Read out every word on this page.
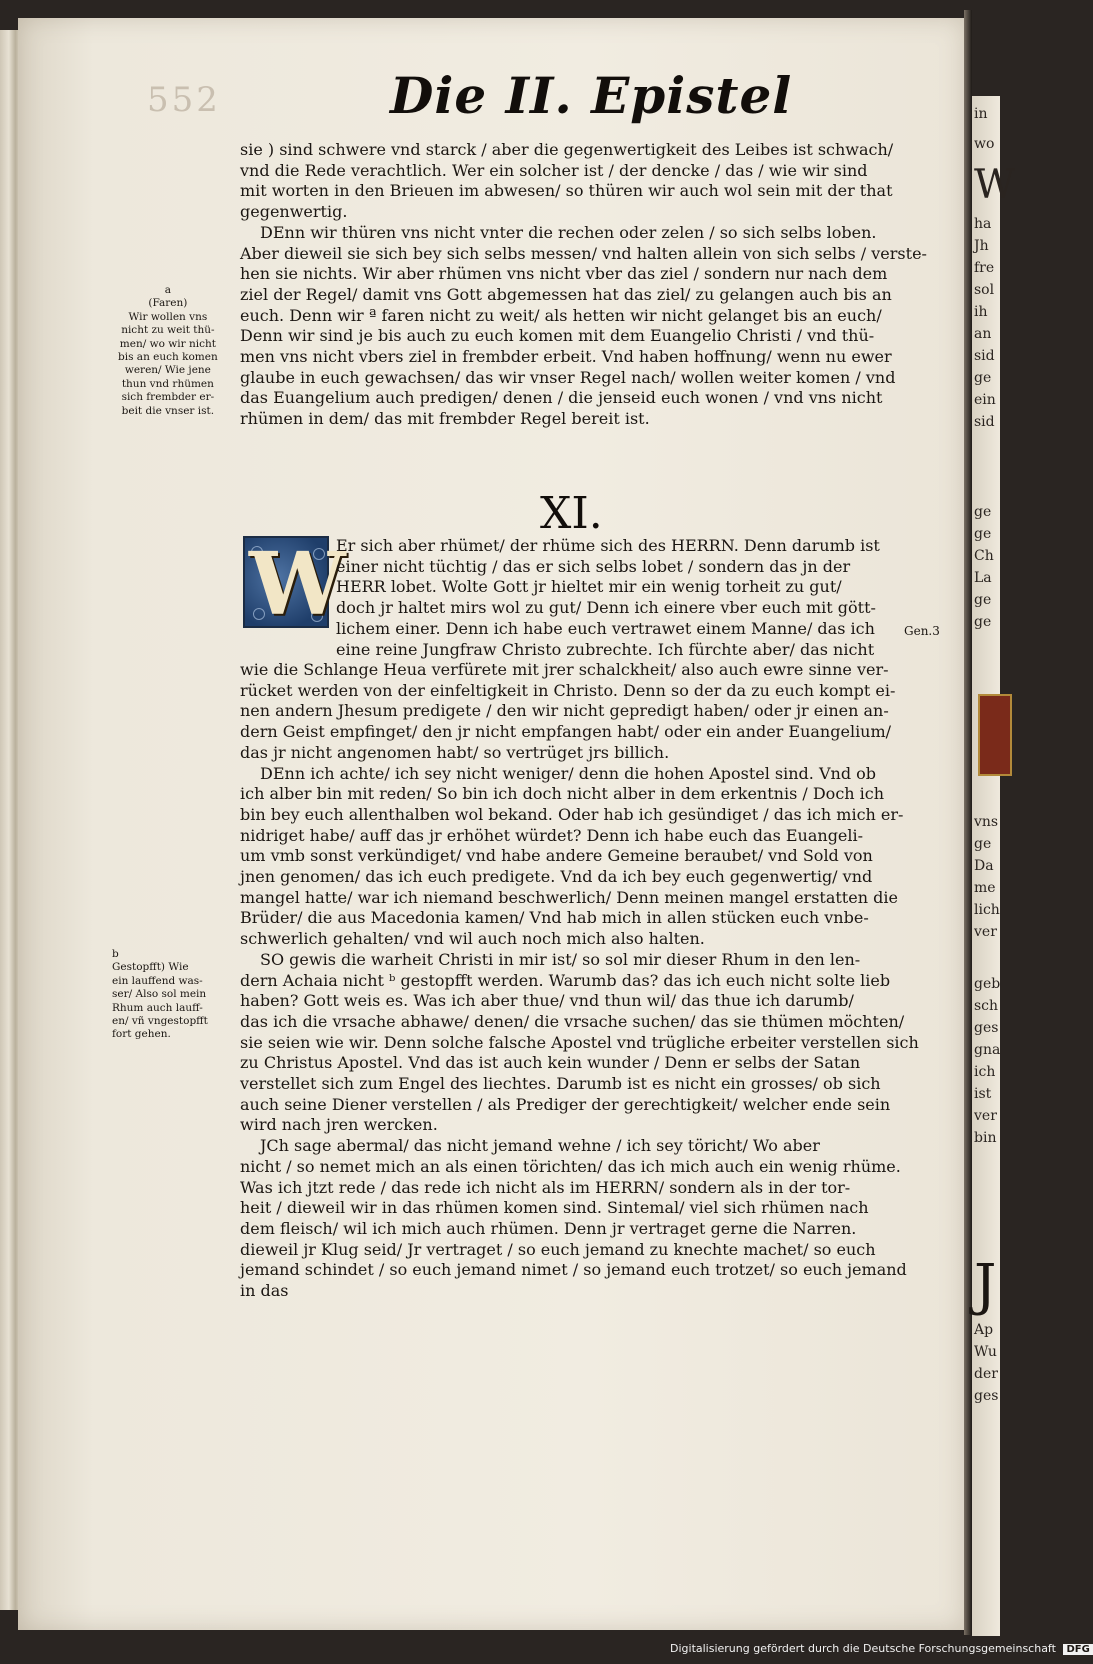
in
wo
W
ha
Jh
fre
sol
ih
an
sid
ge
ein
sid
ge
ge
Ch
La
ge
ge
vns
ge
Da
me
lich
ver
geb
sch
ges
gna
ich
ist
ver
bin
J
Ap
Wu
der
ges
552	Die II. Epistel
sie ) sind schwere vnd starck / aber die gegenwertigkeit des Leibes ist schwach/
vnd die Rede verachtlich. Wer ein solcher ist / der dencke / das / wie wir sind
mit worten in den Brieuen im abwesen/ so thüren wir auch wol sein mit der that
gegenwertig.
DEnn wir thüren vns nicht vnter die rechen oder zelen / so sich selbs loben.
Aber dieweil sie sich bey sich selbs messen/ vnd halten allein von sich selbs / verste-
hen sie nichts. Wir aber rhümen vns nicht vber das ziel / sondern nur nach dem
ziel der Regel/ damit vns Gott abgemessen hat das ziel/ zu gelangen auch bis an
euch. Denn wir ª faren nicht zu weit/ als hetten wir nicht gelanget bis an euch/
Denn wir sind je bis auch zu euch komen mit dem Euangelio Christi / vnd thü-
men vns nicht vbers ziel in frembder erbeit. Vnd haben hoffnung/ wenn nu ewer
glaube in euch gewachsen/ das wir vnser Regel nach/ wollen weiter komen / vnd
das Euangelium auch predigen/ denen / die jenseid euch wonen / vnd vns nicht
rhümen in dem/ das mit frembder Regel bereit ist.
XI.
W
Er sich aber rhümet/ der rhüme sich des HERRN. Denn darumb ist
einer nicht tüchtig / das er sich selbs lobet / sondern das jn der
HERR lobet. Wolte Gott jr hieltet mir ein wenig torheit zu gut/
doch jr haltet mirs wol zu gut/ Denn ich einere vber euch mit gött-
lichem einer. Denn ich habe euch vertrawet einem Manne/ das ich
eine reine Jungfraw Christo zubrechte. Ich fürchte aber/ das nicht
wie die Schlange Heua verfürete mit jrer schalckheit/ also auch ewre sinne ver-
rücket werden von der einfeltigkeit in Christo. Denn so der da zu euch kompt ei-
nen andern Jhesum predigete / den wir nicht gepredigt haben/ oder jr einen an-
dern Geist empfinget/ den jr nicht empfangen habt/ oder ein ander Euangelium/
das jr nicht angenomen habt/ so vertrüget jrs billich.
DEnn ich achte/ ich sey nicht weniger/ denn die hohen Apostel sind. Vnd ob
ich alber bin mit reden/ So bin ich doch nicht alber in dem erkentnis / Doch ich
bin bey euch allenthalben wol bekand. Oder hab ich gesündiget / das ich mich er-
nidriget habe/ auff das jr erhöhet würdet? Denn ich habe euch das Euangeli-
um vmb sonst verkündiget/ vnd habe andere Gemeine beraubet/ vnd Sold von
jnen genomen/ das ich euch predigete. Vnd da ich bey euch gegenwertig/ vnd
mangel hatte/ war ich niemand beschwerlich/ Denn meinen mangel erstatten die
Brüder/ die aus Macedonia kamen/ Vnd hab mich in allen stücken euch vnbe-
schwerlich gehalten/ vnd wil auch noch mich also halten.
SO gewis die warheit Christi in mir ist/ so sol mir dieser Rhum in den len-
dern Achaia nicht ᵇ gestopfft werden. Warumb das? das ich euch nicht solte lieb
haben? Gott weis es. Was ich aber thue/ vnd thun wil/ das thue ich darumb/
das ich die vrsache abhawe/ denen/ die vrsache suchen/ das sie thümen möchten/
sie seien wie wir. Denn solche falsche Apostel vnd trügliche erbeiter verstellen sich
zu Christus Apostel. Vnd das ist auch kein wunder / Denn er selbs der Satan
verstellet sich zum Engel des liechtes. Darumb ist es nicht ein grosses/ ob sich
auch seine Diener verstellen / als Prediger der gerechtigkeit/ welcher ende sein
wird nach jren wercken.
JCh sage abermal/ das nicht jemand wehne / ich sey töricht/ Wo aber
nicht / so nemet mich an als einen törichten/ das ich mich auch ein wenig rhüme.
Was ich jtzt rede / das rede ich nicht als im HERRN/ sondern als in der tor-
heit / dieweil wir in das rhümen komen sind. Sintemal/ viel sich rhümen nach
dem fleisch/ wil ich mich auch rhümen. Denn jr vertraget gerne die Narren.
dieweil jr Klug seid/ Jr vertraget / so euch jemand zu knechte machet/ so euch
jemand schindet / so euch jemand nimet / so jemand euch trotzet/ so euch jemand
in das
a
(Faren)
Wir wollen vns
nicht zu weit thü-
men/ wo wir nicht
bis an euch komen
weren/ Wie jene
thun vnd rhümen
sich frembder er-
beit die vnser ist.
b
Gestopfft) Wie
ein lauffend was-
ser/ Also sol mein
Rhum auch lauff-
en/ vñ vngestopfft
fort gehen.
Gen.3
Digitalisierung gefördert durch die Deutsche Forschungsgemeinschaft DFG
